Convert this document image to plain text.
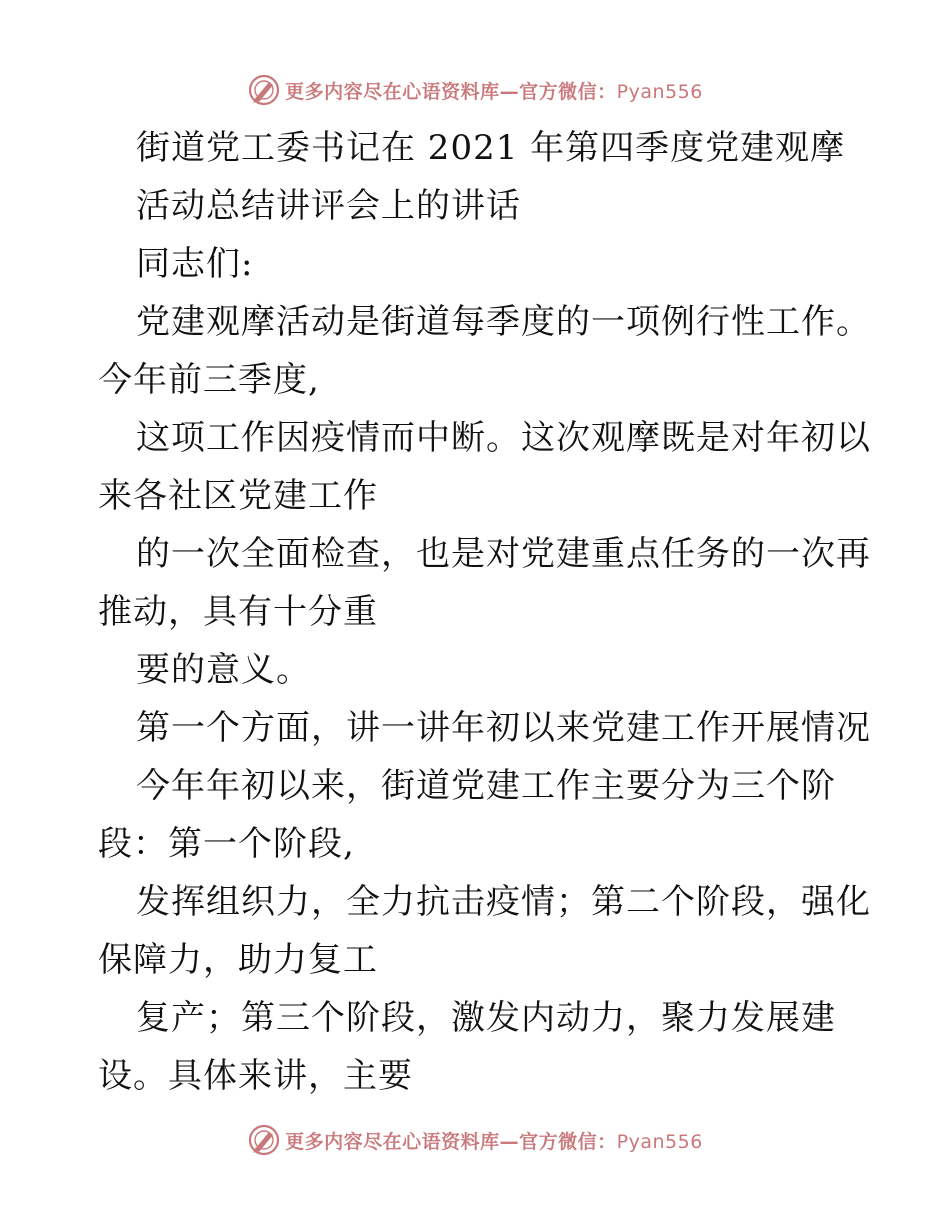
更多内容尽在心语资料库—官方微信：Pyan556
街道党工委书记在 2021 年第四季度党建观摩
活动总结讲评会上的讲话
同志们:
党建观摩活动是街道每季度的一项例行性工作。
今年前三季度,
这项工作因疫情而中断。这次观摩既是对年初以
来各社区党建工作
的一次全面检查，也是对党建重点任务的一次再
推动，具有十分重
要的意义。
第一个方面，讲一讲年初以来党建工作开展情况
今年年初以来，街道党建工作主要分为三个阶
段：第一个阶段,
发挥组织力，全力抗击疫情；第二个阶段，强化
保障力，助力复工
复产；第三个阶段，激发内动力，聚力发展建
设。具体来讲，主要
更多内容尽在心语资料库—官方微信：Pyan556
